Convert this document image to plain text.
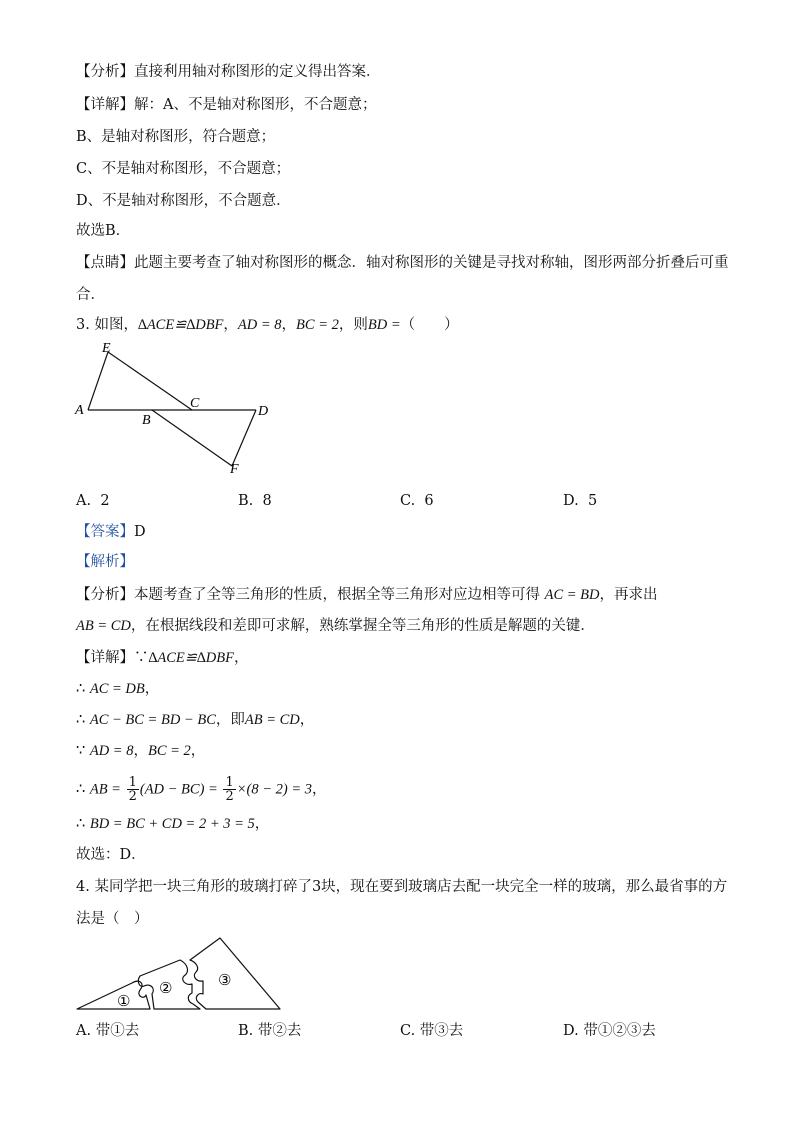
【分析】直接利用轴对称图形的定义得出答案．
【详解】解：A、不是轴对称图形，不合题意；
B、是轴对称图形，符合题意；
C、不是轴对称图形，不合题意；
D、不是轴对称图形，不合题意．
故选B．
【点睛】此题主要考查了轴对称图形的概念．轴对称图形的关键是寻找对称轴，图形两部分折叠后可重
合．
3. 如图，∆ACE≌∆DBF，AD = 8，BC = 2，则BD =（　　）
E
A
B
C
D
F
A. 2	B. 8	C. 6	D. 5
【答案】D
【解析】
【分析】本题考查了全等三角形的性质，根据全等三角形对应边相等可得 AC = BD，再求出
AB = CD，在根据线段和差即可求解，熟练掌握全等三角形的性质是解题的关键．
【详解】∵∆ACE≌∆DBF，
∴ AC = DB，
∴ AC − BC = BD − BC，即AB = CD，
∵ AD = 8，BC = 2，
∴ AB = $\frac{1}{2} (AD - BC) = \frac{1}{2} \times(8 - 2) = 3$，
∴ BD = BC + CD = 2 + 3 = 5，
故选：D．
4. 某同学把一块三角形的玻璃打碎了3块，现在要到玻璃店去配一块完全一样的玻璃，那么最省事的方
法是（　）
①
②	③
A. 带①去	B. 带②去	C. 带③去	D. 带①②③去
